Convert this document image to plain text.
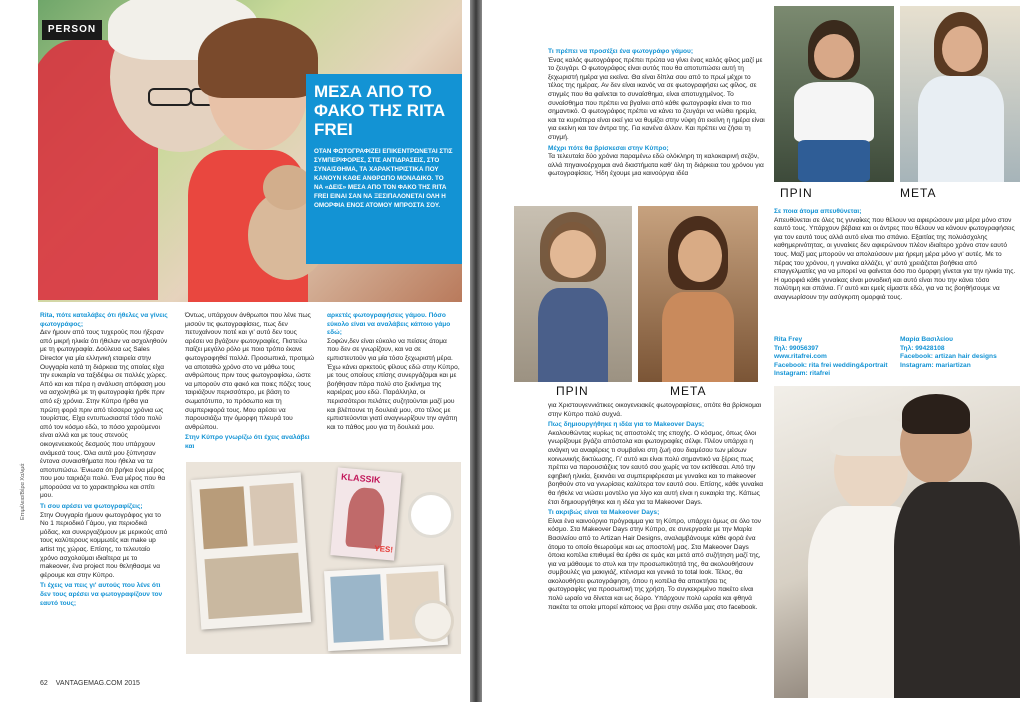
PERSON
ΜΕΣΑ ΑΠΟ ΤΟ ΦΑΚΟ ΤΗΣ RITA FREI

ΟΤΑΝ ΦΩΤΟΓΡΑΦΙΖΕΙ ΕΠΙΚΕΝΤΡΩΝΕΤΑΙ ΣΤΙΣ ΣΥΜΠΕΡΙΦΟΡΕΣ, ΣΤΙΣ ΑΝΤΙΔΡΑΣΕΙΣ, ΣΤΟ ΣΥΝΑΙΣΘΗΜΑ, ΤΑ ΧΑΡΑΚΤΗΡΙΣΤΙΚΑ ΠΟΥ ΚΑΝΟΥΝ ΚΑΘΕ ΑΝΘΡΩΠΟ ΜΟΝΑΔΙΚΟ. ΤΟ ΝΑ «ΔΕΙΣ» ΜΕΣΑ ΑΠΟ ΤΟΝ ΦΑΚΟ ΤΗΣ RITA FREI ΕΙΝΑΙ ΣΑΝ ΝΑ ΞΕΣΙΠΑΛΟΝΕΤΑΙ ΟΛΗ Η ΟΜΟΡΦΙΑ ΕΝΟΣ ΑΤΟΜΟΥ ΜΠΡΟΣΤΑ ΣΟΥ.

Rita, πότε καταλάβες ότι ήθελες να γίνεις φωτογράφος;

Δεν ήμουν από τους τυχερούς που ήξεραν από μικρή ηλικία ότι ήθελαν να ασχοληθούν με τη φωτογραφία. Δούλευα ως Sales Director για μία ελληνική εταιρεία στην Ουγγαρία κατά τη διάρκεια της οποίας είχα την ευκαιρία να ταξιδέψω σε πολλές χώρες. Από και και πέρα η ανάλυση απόφαση μου να ασχοληθώ με τη φωτογραφία ήρθε πριν από εξι χρόνια. Στην Κύπρο ήρθα για πρώτη φορά πριν από τέσσερα χρόνια ως τουρίστας. Είχα εντυπωσιαστεί τόσο πολύ από τον κόσμο εδώ, το πόσο χαρούμενοι είναι αλλά και με τους στενούς οικογενειακούς δεσμούς που υπάρχουν ανάμεσά τους. Όλα αυτά μου ξύπνησαν έντονα συναισθήματα που ήθελα να τα αποτυπώσω. Ένιωσα ότι βρήκα ένα μέρος που μου ταιριάζει πολύ. Ένα μέρος που θα μπορούσα να το χαρακτηρίσω και σπίτι μου.

Τι σου αρέσει να φωτογραφίζεις;

Στην Ουγγαρία ήμουν φωτογράφος για το Νο 1 περιοδικό Γάμου, για περιοδικά μόδας, και συνεργαζόμουν με μερικούς από τους καλύτερους κομμωτές και make up artist της χώρας. Επίσης, το τελευταίο χρόνο ασχολούμαι ιδιαίτερα με το makeover, ένα project που θεληθασμε να φέρουμε και στην Κύπρο.

Τι έχεις να πεις γι' αυτούς που λένε ότι δεν τους αρέσει να φωτογραφίζουν τον εαυτό τους;

Όντως, υπάρχουν άνθρωποι που λένε πως μισούν τις φωτογραφίσεις, πως δεν πετυχαίνουν ποτέ και γι' αυτό δεν τους αρέσει να βγάζουν φωτογραφίες. Πιστεύω παίζει μεγάλο ρόλο με ποιο τρόπο έκανε φωτογραφηθεί πολλά. Προσωπικά, προτιμώ να αποταθώ χρόνο στο να μάθω τους ανθρώπους πριν τους φωτογραφίσω, ώστε να μπορούν στο φακό και ποιες πόζες τους ταιριάζουν περισσότερο, με βάση το σωματότυπο, το πρόσωπο και τη συμπεριφορά τους. Μου αρέσει να παρουσιάζω την όμορφη πλευρά του ανθρώπου.

Στην Κύπρο γνωρίζω ότι έχεις αναλάβει και
αρκετές φωτογραφήσεις γάμου. Πόσο εύκολο είναι να αναλάβεις κάποιο γάμο εδώ;

Σοφών,δεν είναι εύκολο να πείσεις άτομα που δεν σε γνωρίζουν, και να σε εμπιστευτούν για μία τόσο ξεχωριστή μέρα. Έχω κάνει αρκετούς φίλους εδώ στην Κύπρο, με τους οποίους επίσης συνεργάζομαι και με βοήθησαν πάρα πολύ στο ξεκίνημα της καριέρας μου εδώ. Παράλληλα, οι περισσότεροι πελάτες συζητούνται μαζί μου και βλέπουνε τη δουλειά μου, στο τέλος με εμπιστεύονται γιατί αναγνωρίζουν την αγάπη και το πάθος μου για τη δουλειά μου.

KLASSIK
YES!
Επιμέλεια/Βέρα Χαλιμά
62 VANTAGEMAG.COM 2015
Τι πρέπει να προσέξει ένα φωτογράφο γάμου;

Ένας καλός φωτογράφος πρέπει πρώτα να γίνει ένας καλός φίλος μαζί με το ζευγάρι. Ο φωτογράφος είναι αυτός που θα αποτυπώσει αυτή τη ξεχωριστή ημέρα για εκείνα. Θα είναι δίπλα σου από το πρωί μέχρι το τέλος της ημέρας. Αν δεν είναι ικανός να σε φωτογραφήσει ως φίλος, σε στιγμές που θα φαίνεται το συναίσθημα, είναι αποτυχημένος. Το συναίσθημα που πρέπει να βγαίνει από κάθε φωτογραφία είναι το πιο σημαντικό. Ο φωτογράφος πρέπει να κάνει το ζευγάρι να νιώθει ηρεμία, και τα κυριότερα είναι εκεί για να θυμίζει στην νύφη ότι εκείνη η ημέρα είναι για εκείνη και τον άντρα της. Για κανένα άλλον. Και πρέπει να ζήσει τη στιγμή.

Μέχρι πότε θα βρίσκεσαι στην Κύπρο;

Τα τελευταία δύο χρόνια παραμένω εδώ ολόκληρη τη καλοκαιρινή σεζόν, αλλά πηγαινοέρχομαι ανά διαστήματα καθ' όλη τη διάρκεια του χρόνου για φωτογραφίσεις. Ήδη έχουμε μια καινούργια ιδέα

ΠΡΙΝ	ΜΕΤΑ

για Χριστουγεννιάτικες οικογενειακές φωτογραφίσεις, οπότε θα βρίσκομαι στην Κύπρο πολύ συχνά.

Πως δημιουργήθηκε η ιδέα για το Makeover Days;

Ακολουθώντας κυρίως τις αποστολές της εποχής. Ο κόσμος, όπως όλοι γνωρίζουμε βγάζει απόστολα και φωτογραφίες σέλφι. Πλέον υπάρχει η ανάγκη να αναφέρεις τι συμβαίνει στη ζωή σου διαμέσου των μέσων κοινωνικής δικτύωσης. Γι' αυτό και είναι πολύ σημαντικό να ξέρεις πως πρέπει να παρουσιάζεις τον εαυτό σου χωρίς να τον εκτίθεσαι. Από την εφηβική ηλικία, ξεκινάει να συμπεριφέρεσαι με γυναίκα και το makeover βοηθούν στο να γνωρίσεις καλύτερα τον εαυτό σου. Επίσης, κάθε γυναίκα θα ήθελε να νιώσει μοντέλο για λίγο και αυτή είναι η ευκαιρία της. Κάπως έτσι δημιουργήθηκε και η ιδέα για τα Makeover Days.

Τι ακριβώς είναι τα Makeover Days;

Είναι ένα καινούργιο πρόγραμμα για τη Κύπρο, υπάρχει όμως σε όλο τον κόσμο. Στα Makeover Days στην Κύπρο, σε συνεργασία με την Μαρία Βασιλείου από το Artizan Hair Designs, αναλαμβάνουμε κάθε φορά ένα άτομο το οποίο θεωρούμε και ως αποστολή μας. Στα Makeover Days όποια κοπέλα επιθυμεί θα έρθει σε εμάς και μετά από συζήτηση μαζί της, για να μάθουμε το στυλ και την προσωπικότητά της, θα ακολουθήσουν συμβουλές για μακιγιάζ, κτένισμα και γενικά το total look. Τέλος, θα ακολουθήσει φωτογράφηση, όπου η κοπέλα θα αποκτήσει τις φωτογραφίες για προσωπική της χρήση. Το συγκεκριμένο πακέτο είναι πολύ ωραίο να δίνεται και ως δώρο. Υπάρχουν πολύ ωραία και φθηνά πακέτα τα οποία μπορεί κάποιος να βρει στην σελίδα μας στο facebook.

ΠΡΙΝ	ΜΕΤΑ
Σε ποια άτομα απευθύνεται;

Απευθύνεται σε όλες τις γυναίκες που θέλουν να αφιερώσουν μια μέρα μόνο στον εαυτό τους. Υπάρχουν βέβαια και οι άντρες που θέλουν να κάνουν φωτογραφήσεις για τον εαυτό τους αλλά αυτό είναι πιο σπάνιο. Εξαιτίας της πολυάσχολης καθημερινότητας, οι γυναίκες δεν αφιερώνουν πλέον ιδιαίτερο χρόνο στον εαυτό τους. Μαζί μας μπορούν να απολαύσουν μια ήρεμη μέρα μόνο γι' αυτές. Με το πέρας του χρόνου, η γυναίκα αλλάζει, γι' αυτό χρειάζεται βοήθεια από επαγγελματίες για να μπορεί να φαίνεται όσο πιο όμορφη γίνεται για την ηλικία της. Η ομορφιά κάθε γυναίκας είναι μοναδική και αυτό είναι που την κάνει τόσο πολύτιμη και σπάνια. Γι' αυτό και εμείς είμαστε εδώ, για να τις βοηθήσουμε να αναγνωρίσουν την ασύγκριτη ομορφιά τους.

Rita Frey
Τηλ: 99056397
www.ritafrei.com
Facebook: rita frei wedding&portrait
Instagram: ritafrei
Μαρία Βασιλείου
Τηλ: 99428108
Facebook: artizan hair designs
Instagram: mariartizan
